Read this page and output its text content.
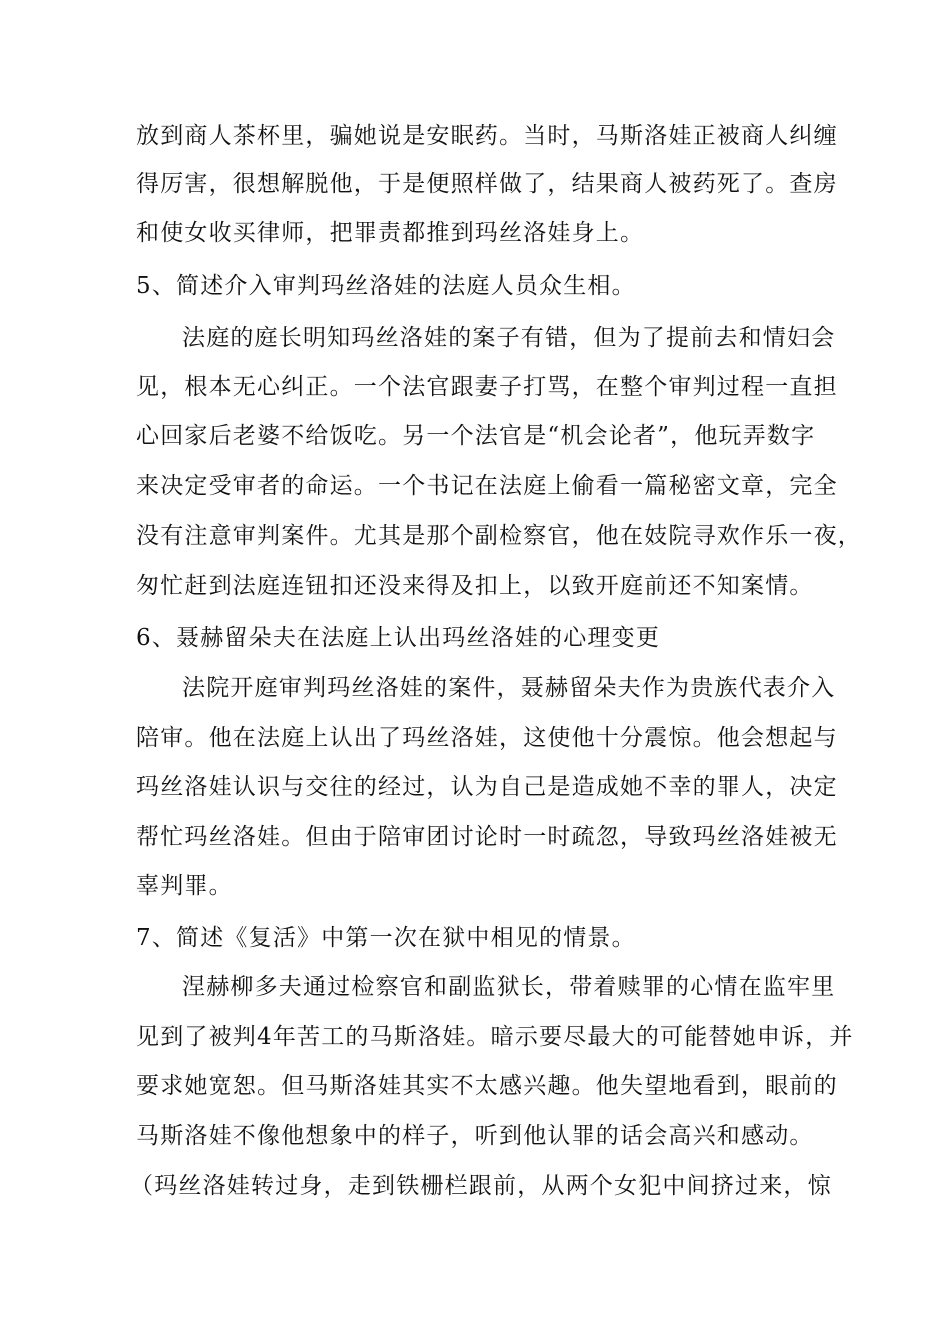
放到商人茶杯里，骗她说是安眠药。当时，马斯洛娃正被商人纠缠
得厉害，很想解脱他，于是便照样做了，结果商人被药死了。查房
和使女收买律师，把罪责都推到玛丝洛娃身上。
5、简述介入审判玛丝洛娃的法庭人员众生相。
法庭的庭长明知玛丝洛娃的案子有错，但为了提前去和情妇会
见，根本无心纠正。一个法官跟妻子打骂，在整个审判过程一直担
心回家后老婆不给饭吃。另一个法官是“机会论者”，他玩弄数字
来决定受审者的命运。一个书记在法庭上偷看一篇秘密文章，完全
没有注意审判案件。尤其是那个副检察官，他在妓院寻欢作乐一夜，
匆忙赶到法庭连钮扣还没来得及扣上，以致开庭前还不知案情。
6、聂赫留朵夫在法庭上认出玛丝洛娃的心理变更
法院开庭审判玛丝洛娃的案件，聂赫留朵夫作为贵族代表介入
陪审。他在法庭上认出了玛丝洛娃，这使他十分震惊。他会想起与
玛丝洛娃认识与交往的经过，认为自己是造成她不幸的罪人，决定
帮忙玛丝洛娃。但由于陪审团讨论时一时疏忽，导致玛丝洛娃被无
辜判罪。
7、简述《复活》中第一次在狱中相见的情景。
涅赫柳多夫通过检察官和副监狱长，带着赎罪的心情在监牢里
见到了被判4年苦工的马斯洛娃。暗示要尽最大的可能替她申诉，并
要求她宽恕。但马斯洛娃其实不太感兴趣。他失望地看到，眼前的
马斯洛娃不像他想象中的样子，听到他认罪的话会高兴和感动。
（玛丝洛娃转过身，走到铁栅栏跟前，从两个女犯中间挤过来，惊
